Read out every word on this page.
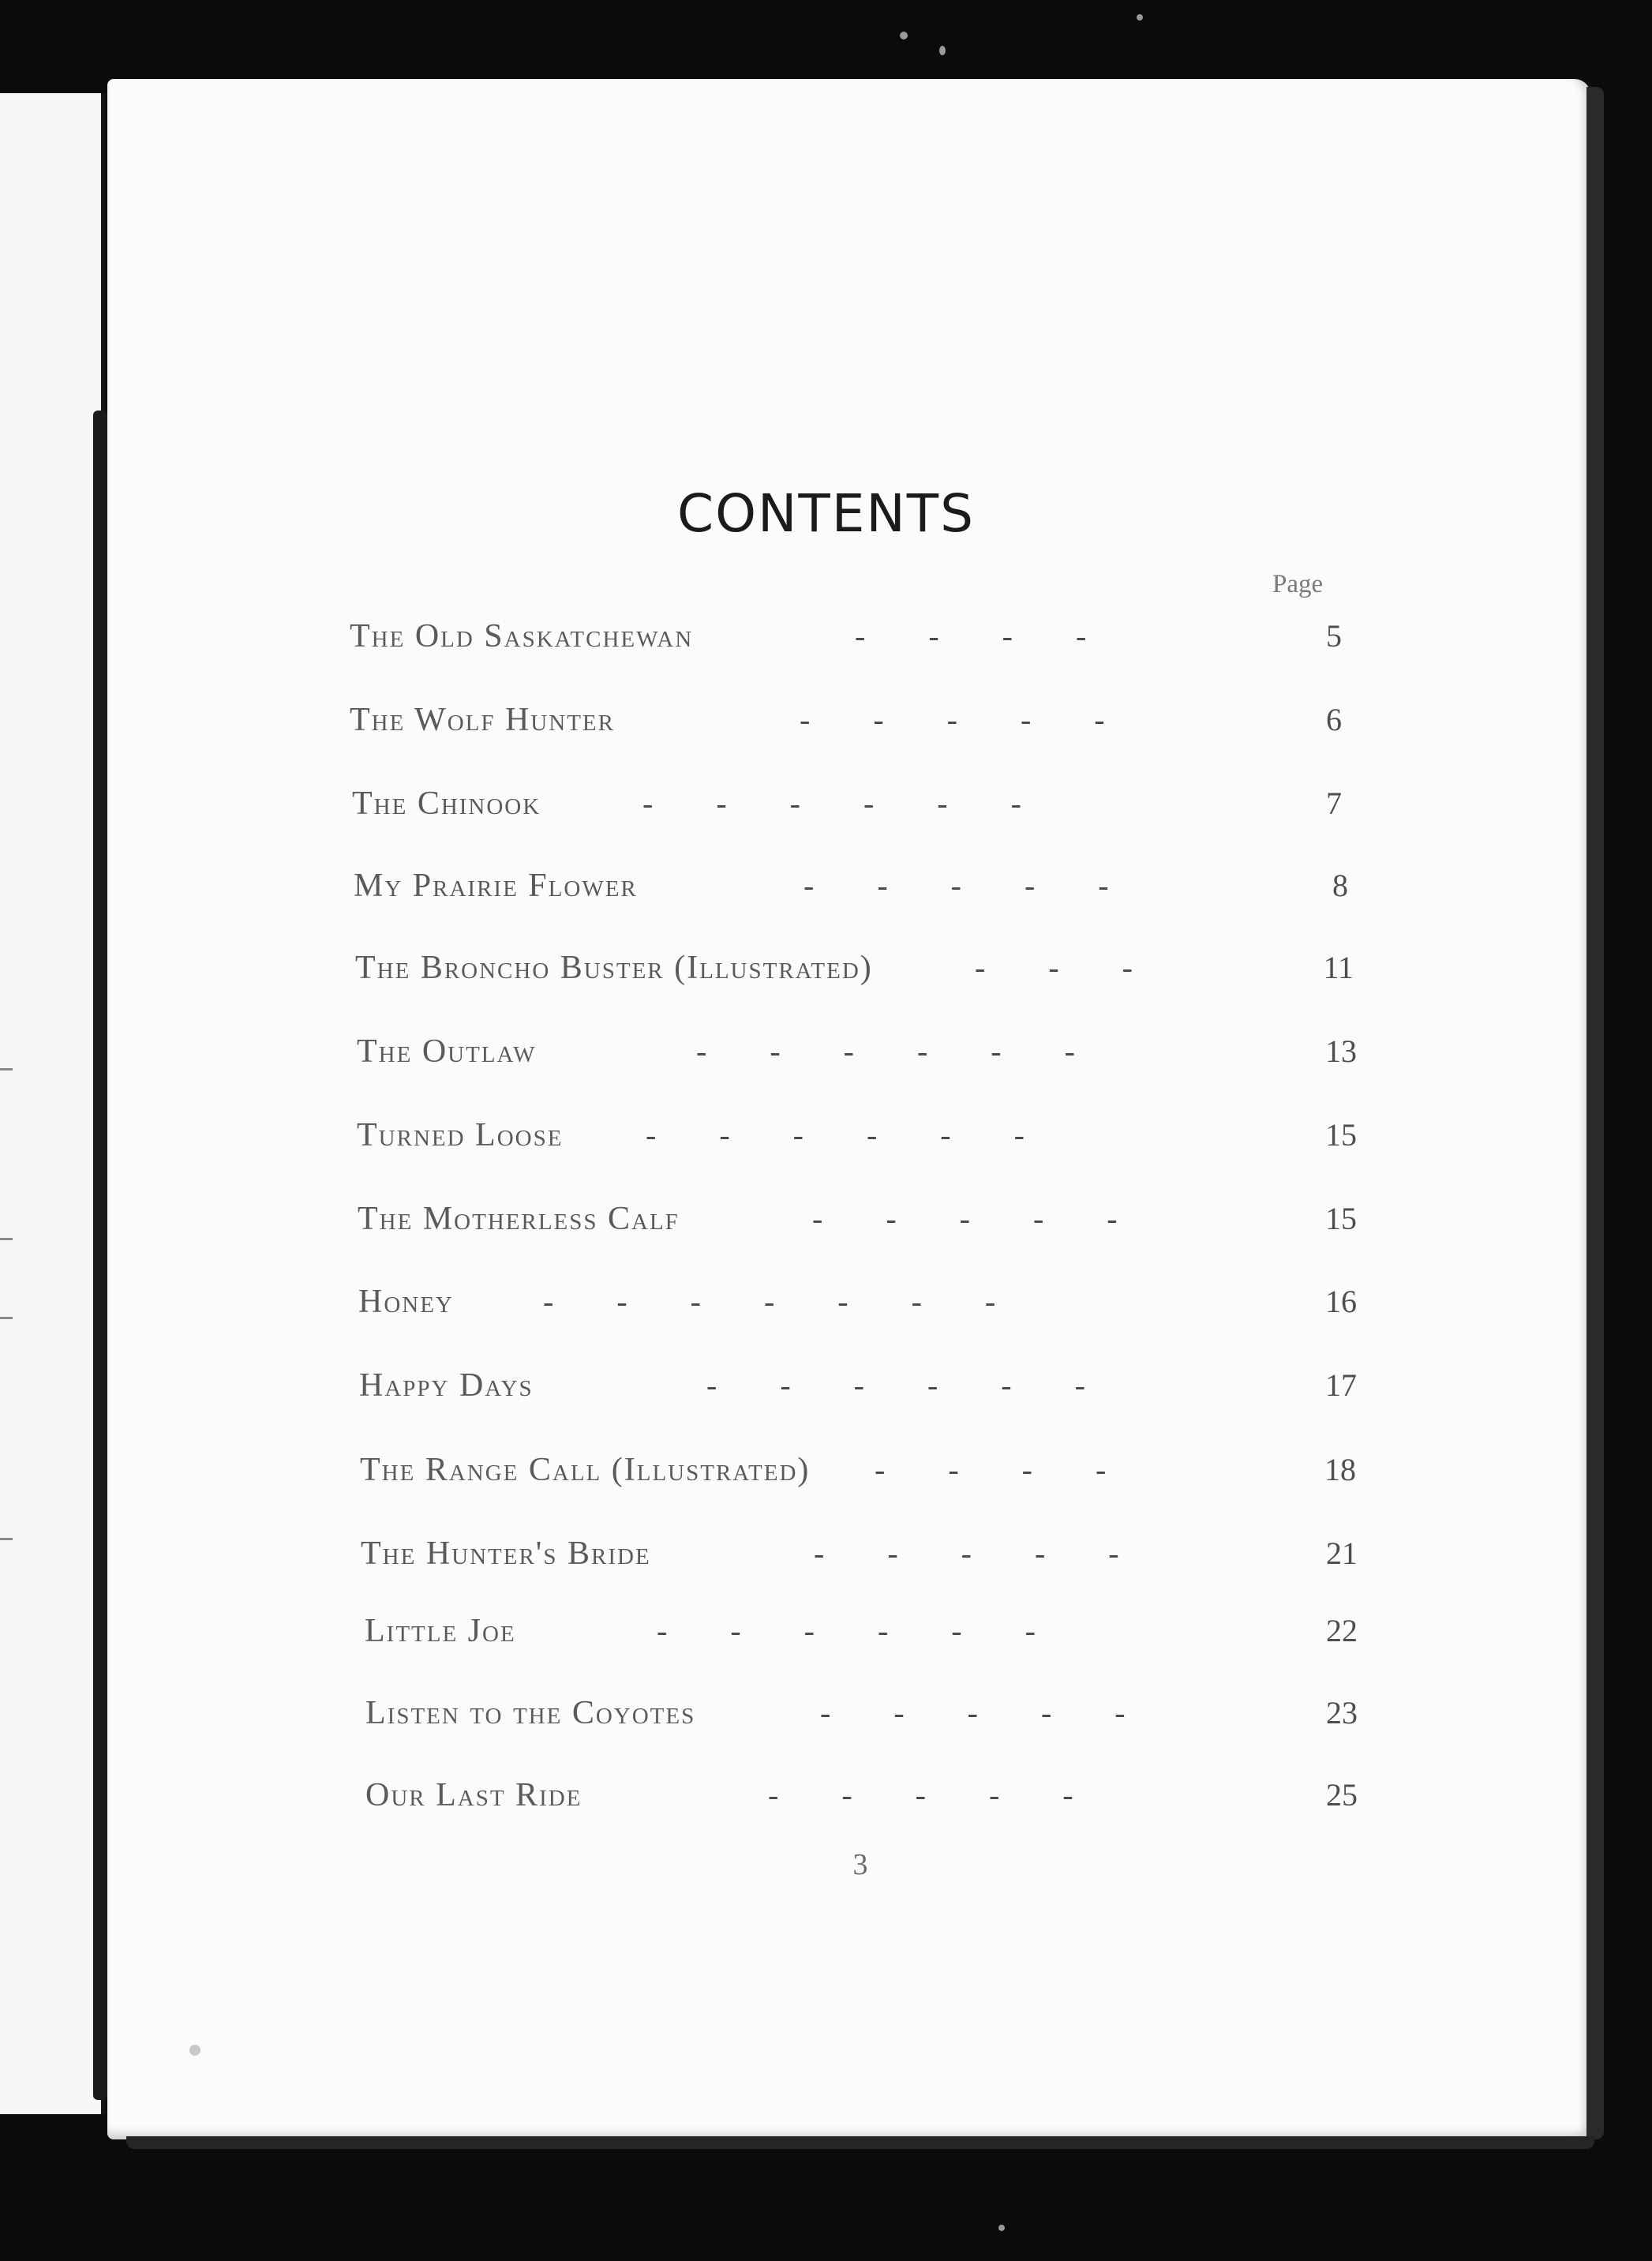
CONTENTS
Page
The Old Saskatchewan	-        -        -        -	5
The Wolf Hunter	-        -        -        -        -	6
The Chinook	-        -        -        -        -        -	7
My Prairie Flower	-        -        -        -        -	8
The Broncho Buster (Illustrated)	-        -        -	11
The Outlaw	-        -        -        -        -        -	13
Turned Loose	-        -        -        -        -        -	15
The Motherless Calf	-        -        -        -        -	15
Honey	-        -        -        -        -        -        -	16
Happy Days	-        -        -        -        -        -	17
The Range Call (Illustrated) -        -        -        -	18
The Hunter's Bride	-        -        -        -        -	21
Little Joe	-        -        -        -        -        -	22
Listen to the Coyotes	-        -        -        -        -	23
Our Last Ride	-        -        -        -        -	25
3
